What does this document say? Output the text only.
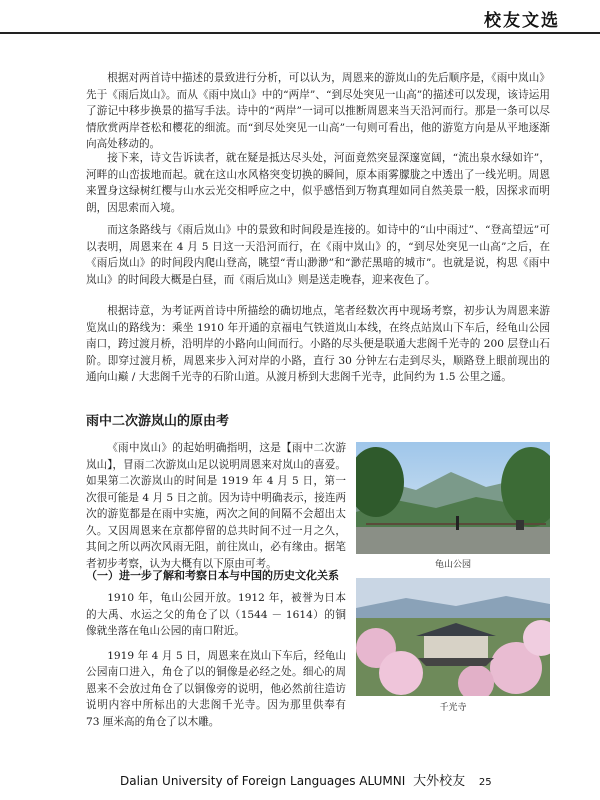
校友文选

根据对两首诗中描述的景致进行分析，可以认为，周恩来的游岚山的先后顺序是，《雨中岚山》先于《雨后岚山》。而从《雨中岚山》中的“两岸”、“到尽处突见一山高”的描述可以发现，该诗运用了游记中移步换景的描写手法。诗中的“两岸”一词可以推断周恩来当天沿河而行。那是一条可以尽情欣赏两岸苍松和樱花的细流。而“到尽处突见一山高”一句则可看出，他的游览方向是从平地逐渐向高处移动的。

接下来，诗文告诉读者，就在疑是抵达尽头处，河面竟然突显深邃宽阔，“流出泉水绿如许”，河畔的山峦拔地而起。就在这山水风格突变切换的瞬间，原本雨雾朦胧之中透出了一线光明。周恩来置身这绿树红樱与山水云光交相呼应之中，似乎感悟到万物真理如同自然美景一般，因探求而明朗，因思索而入境。

而这条路线与《雨后岚山》中的景致和时间段是连接的。如诗中的“山中雨过”、“登高望远”可以表明，周恩来在 4 月 5 日这一天沿河而行，在《雨中岚山》的，“到尽处突见一山高”之后，在《雨后岚山》的时间段内爬山登高，眺望“青山渺渺”和“渺茫黑暗的城市”。也就是说，构思《雨中岚山》的时间段大概是白昼，而《雨后岚山》则是送走晚春，迎来夜色了。

根据诗意，为考证两首诗中所描绘的确切地点，笔者经数次再中现场考察，初步认为周恩来游览岚山的路线为：乘坐 1910 年开通的京福电气铁道岚山本线，在终点站岚山下车后，经龟山公园南口，跨过渡月桥，沿明岸的小路向山间而行。小路的尽头便是联通大悲阁千光寺的 200 层登山石阶。即穿过渡月桥，周恩来步入河对岸的小路，直行 30 分钟左右走到尽头，顺路登上眼前现出的通向山巅 / 大悲阁千光寺的石阶山道。从渡月桥到大悲阁千光寺，此间约为 1.5 公里之遥。

雨中二次游岚山的原由考

《雨中岚山》的起始明确指明，这是【雨中二次游岚山】，冒雨二次游岚山足以说明周恩来对岚山的喜爱。如果第二次游岚山的时间是 1919 年 4 月 5 日，第一次很可能是 4 月 5 日之前。因为诗中明确表示，接连两次的游览都是在雨中实施，两次之间的间隔不会超出太久。又因周恩来在京都停留的总共时间不过一月之久，其间之所以两次风雨无阻，前往岚山，必有缘由。据笔者初步考察，认为大概有以下原由可考。

（一）进一步了解和考察日本与中国的历史文化关系

1910 年，龟山公园开放。1912 年，被誉为日本的大禹、水运之父的角仓了以（1544 － 1614）的铜像就坐落在龟山公园的南口附近。

1919 年 4 月 5 日，周恩来在岚山下车后，经龟山公园南口进入，角仓了以的铜像是必经之处。细心的周恩来不会放过角仓了以铜像旁的说明，他必然前往造访说明内容中所标出的大悲阁千光寺。因为那里供奉有 73 厘米高的角仓了以木雕。

龟山公园
千光寺
Dalian University of Foreign Languages ALUMNI 大外校友 25
